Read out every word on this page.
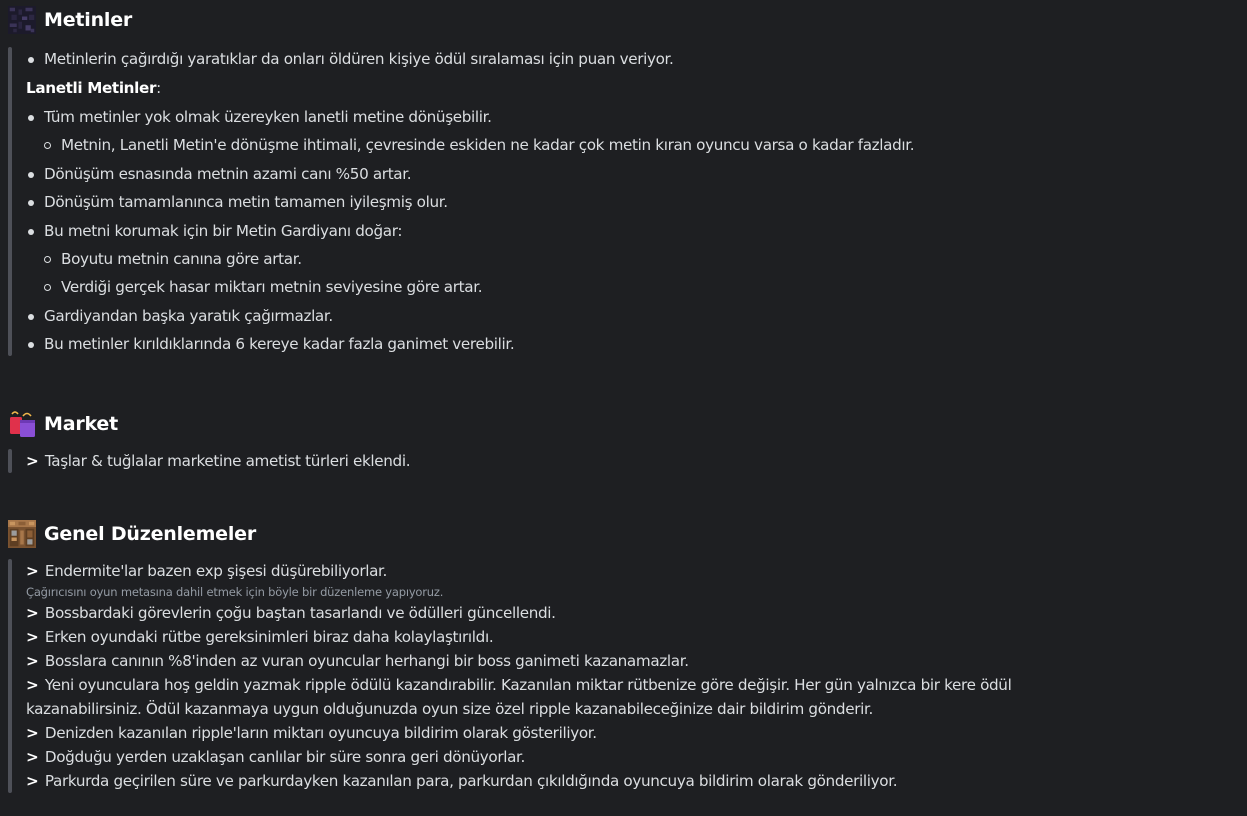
Metinler
Metinlerin çağırdığı yaratıklar da onları öldüren kişiye ödül sıralaması için puan veriyor.
Lanetli Metinler:
Tüm metinler yok olmak üzereyken lanetli metine dönüşebilir.
Metnin, Lanetli Metin'e dönüşme ihtimali, çevresinde eskiden ne kadar çok metin kıran oyuncu varsa o kadar fazladır.
Dönüşüm esnasında metnin azami canı %50 artar.
Dönüşüm tamamlanınca metin tamamen iyileşmiş olur.
Bu metni korumak için bir Metin Gardiyanı doğar:
Boyutu metnin canına göre artar.
Verdiği gerçek hasar miktarı metnin seviyesine göre artar.
Gardiyandan başka yaratık çağırmazlar.
Bu metinler kırıldıklarında 6 kereye kadar fazla ganimet verebilir.
Market
> Taşlar & tuğlalar marketine ametist türleri eklendi.
Genel Düzenlemeler
> Endermite'lar bazen exp şişesi düşürebiliyorlar.
Çağırıcısını oyun metasına dahil etmek için böyle bir düzenleme yapıyoruz.
> Bossbardaki görevlerin çoğu baştan tasarlandı ve ödülleri güncellendi.
> Erken oyundaki rütbe gereksinimleri biraz daha kolaylaştırıldı.
> Bosslara canının %8'inden az vuran oyuncular herhangi bir boss ganimeti kazanamazlar.
> Yeni oyunculara hoş geldin yazmak ripple ödülü kazandırabilir. Kazanılan miktar rütbenize göre değişir. Her gün yalnızca bir kere ödül kazanabilirsiniz. Ödül kazanmaya uygun olduğunuzda oyun size özel ripple kazanabileceğinize dair bildirim gönderir.
> Denizden kazanılan ripple'ların miktarı oyuncuya bildirim olarak gösteriliyor.
> Doğduğu yerden uzaklaşan canlılar bir süre sonra geri dönüyorlar.
> Parkurda geçirilen süre ve parkurdayken kazanılan para, parkurdan çıkıldığında oyuncuya bildirim olarak gönderiliyor.
